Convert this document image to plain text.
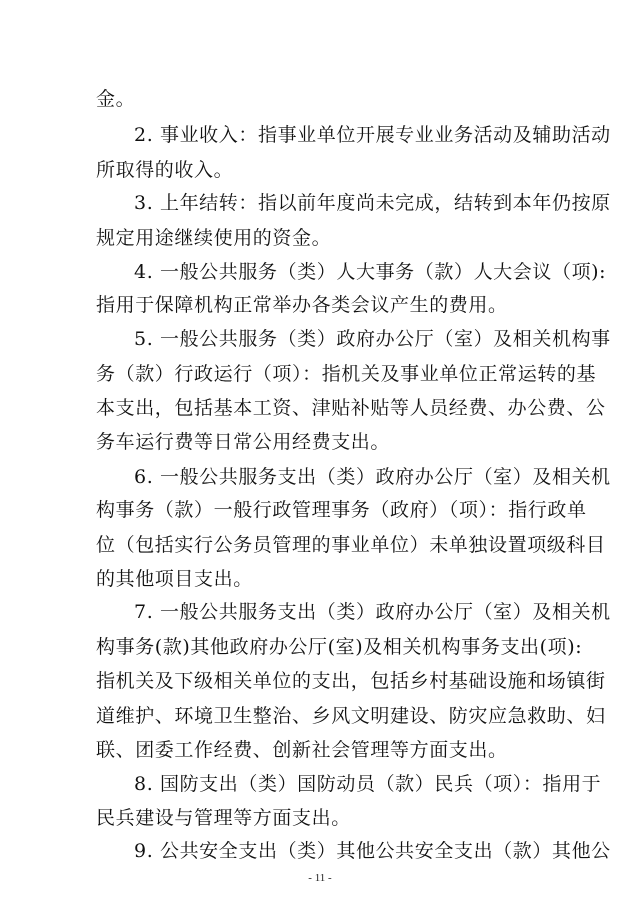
金。
2. 事业收入：指事业单位开展专业业务活动及辅助活动
所取得的收入。
3. 上年结转：指以前年度尚未完成，结转到本年仍按原
规定用途继续使用的资金。
4. 一般公共服务（类）人大事务（款）人大会议（项):
指用于保障机构正常举办各类会议产生的费用。
5. 一般公共服务（类）政府办公厅（室）及相关机构事
务（款）行政运行（项）：指机关及事业单位正常运转的基
本支出，包括基本工资、津贴补贴等人员经费、办公费、公
务车运行费等日常公用经费支出。
6. 一般公共服务支出（类）政府办公厅（室）及相关机
构事务（款）一般行政管理事务（政府）（项）：指行政单
位（包括实行公务员管理的事业单位）未单独设置项级科目
的其他项目支出。
7. 一般公共服务支出（类）政府办公厅（室）及相关机
构事务(款)其他政府办公厅(室)及相关机构事务支出(项):
指机关及下级相关单位的支出，包括乡村基础设施和场镇街
道维护、环境卫生整治、乡风文明建设、防灾应急救助、妇
联、团委工作经费、创新社会管理等方面支出。
8. 国防支出（类）国防动员（款）民兵（项）：指用于
民兵建设与管理等方面支出。
9. 公共安全支出（类）其他公共安全支出（款）其他公
- 11 -
